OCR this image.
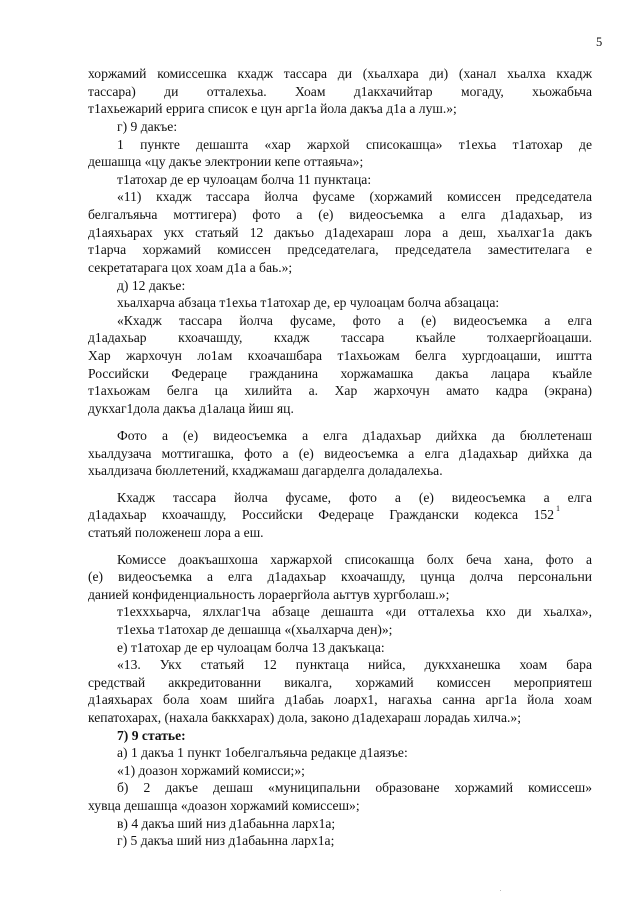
5
хоржамий комиссешка кхадж тассара ди (хьалхара ди) (ханал хьалха кхадж
тассара) ди отталехьа. Хоам д1акхачийтар могаду, хьожабьча
т1ахьежарий ерригa список е цун арг1а йола дакъа д1а а луш.»;
г) 9 дакъе:
1 пункте дешашта «хар жархой списокашца» т1ехьа т1атохар де
дешашца «цу дакъе электронии кепе оттаяьча»;
т1атохар де ер чулоацам болча 11 пунктаца:
«11) кхадж тассара йолча фусаме (хоржамий комиссен председателa
белгалъяьча моттигера) фото а (е) видеосъемка а елга д1адахьар, из
д1аяхьарах укх статьяй 12 дакъьо д1адехараш лора а деш, хьалхаг1а дакъ
т1арча хоржамий комиссен председателага, председателa заместителага е
секретатарага цох хоам д1а а баь.»;
д) 12 дакъе:
хьалхарча абзаца т1ехьа т1атохар де, ер чулоацам болча абзацаца:
«Кхадж тассара йолча фусаме, фото а (е) видеосъемка а елга
д1адахьар кхоачашду, кхадж тассара къайле толхаергйоацаши.
Хар жархочун ло1ам кхоачашбара т1ахьожам белга хургдоацаши, иштта
Российски Федераце гражданина хоржамашка дакъа лацара къайле
т1ахьожам белга ца хилийта а. Хар жархочун амато кадра (экрана)
дукхаг1дола дакъа д1алаца йиш яц.
Фото а (е) видеосъемка а елга д1адахьар дийхка да бюллетенаш
хьалдузача моттигашка, фото а (е) видеосъемка а елга д1адахьар дийхка да
хьалдизача бюллетений, кхаджамаш дагарделга доладалехьа.
Кхадж тассара йолча фусаме, фото а (е) видеосъемка а елга
д1адахьар кхоачашду, Российски Федераце Граждански кодекса 152 $^1$
статьяй положенеш лора а еш.
Комиссе доакъашхоша харжархой списокашца болх беча хана, фото а
(е) видеосъемка а елга д1адахьар кхоачашду, цунца долча персональни
данией конфиденциальность лораергйола аьттув хургболаш.»;
т1ехххьарча, ялхлаг1ча абзаце дешашта «ди отталехьа кхо ди хьалха»,
т1ехьа т1атохар де дешашца «(хьалхарча ден)»;
е) т1атохар де ер чулоацам болча 13 дакъкаца:
«13. Укх статьяй 12 пунктаца нийса, дукхханешка хоам бара
средствай аккредитованни викалга, хоржамий комиссен мероприятеш
д1аяхьарах бола хоам шийга д1абаь лоарх1, нагахьа санна арг1а йола хоам
кепатохарах, (нахала баккхарах) дола, законо д1адехараш лорадаь хилча.»;
7) 9 статье:
а) 1 дакъа 1 пункт 1обелгалъяьча редакце д1аязъе:
«1) доазон хоржамий комисси;»;
б) 2 дакъе дешаш «муниципальни образоване хоржамий комиссеш»
хувца дешашца «доазон хоржамий комиссеш»;
в) 4 дакъа ший низ д1абаьнна ларх1а;
г) 5 дакъа ший низ д1абаьнна ларх1а;
